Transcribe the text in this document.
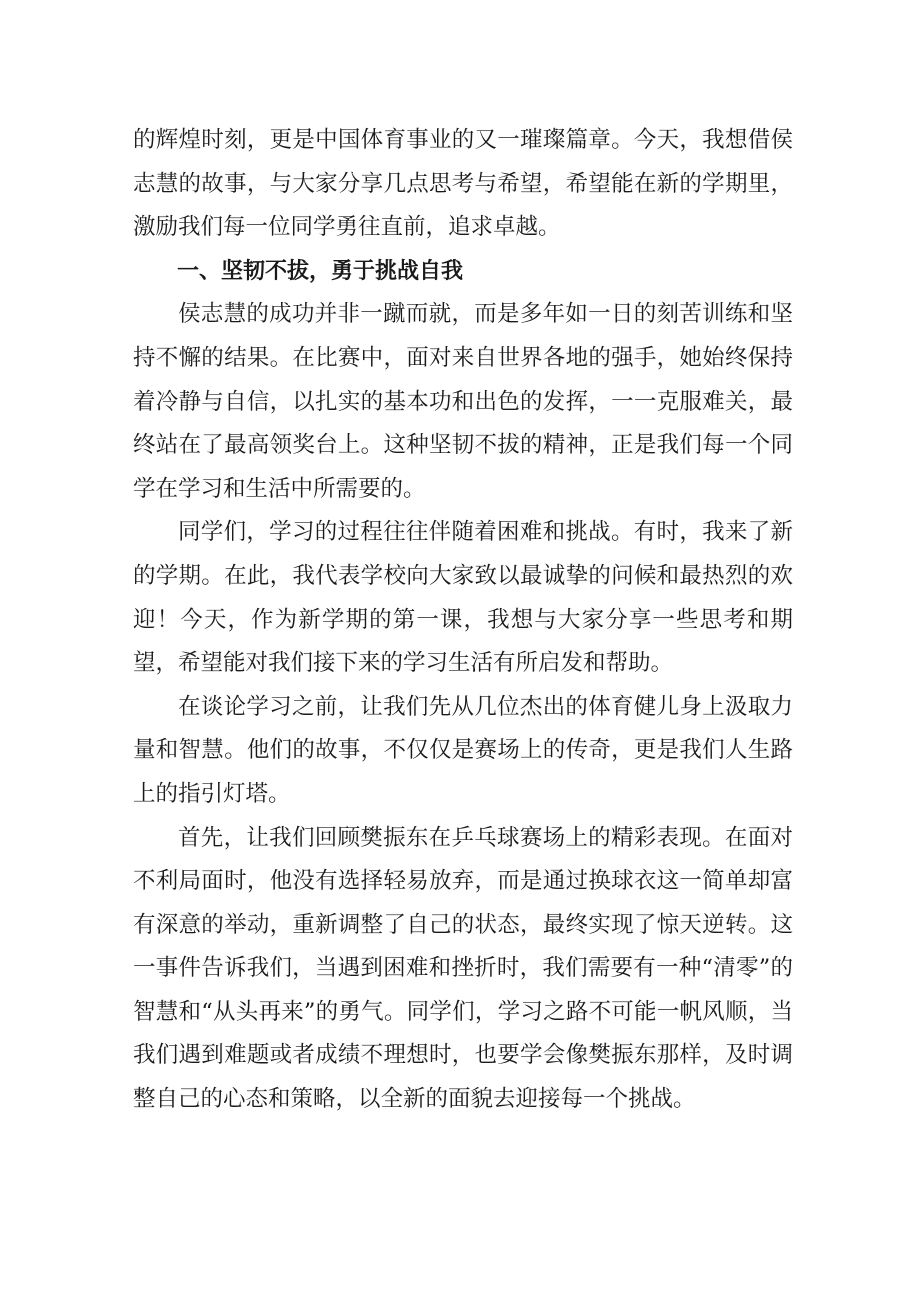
的辉煌时刻，更是中国体育事业的又一璀璨篇章。今天，我想借侯志慧的故事，与大家分享几点思考与希望，希望能在新的学期里，激励我们每一位同学勇往直前，追求卓越。

一、坚韧不拔，勇于挑战自我

侯志慧的成功并非一蹴而就，而是多年如一日的刻苦训练和坚持不懈的结果。在比赛中，面对来自世界各地的强手，她始终保持着冷静与自信，以扎实的基本功和出色的发挥，一一克服难关，最终站在了最高领奖台上。这种坚韧不拔的精神，正是我们每一个同学在学习和生活中所需要的。

同学们，学习的过程往往伴随着困难和挑战。有时，我来了新的学期。在此，我代表学校向大家致以最诚挚的问候和最热烈的欢迎！今天，作为新学期的第一课，我想与大家分享一些思考和期望，希望能对我们接下来的学习生活有所启发和帮助。

在谈论学习之前，让我们先从几位杰出的体育健儿身上汲取力量和智慧。他们的故事，不仅仅是赛场上的传奇，更是我们人生路上的指引灯塔。

首先，让我们回顾樊振东在乒乓球赛场上的精彩表现。在面对不利局面时，他没有选择轻易放弃，而是通过换球衣这一简单却富有深意的举动，重新调整了自己的状态，最终实现了惊天逆转。这一事件告诉我们，当遇到困难和挫折时，我们需要有一种“清零”的智慧和“从头再来”的勇气。同学们，学习之路不可能一帆风顺，当我们遇到难题或者成绩不理想时，也要学会像樊振东那样，及时调整自己的心态和策略，以全新的面貌去迎接每一个挑战。
